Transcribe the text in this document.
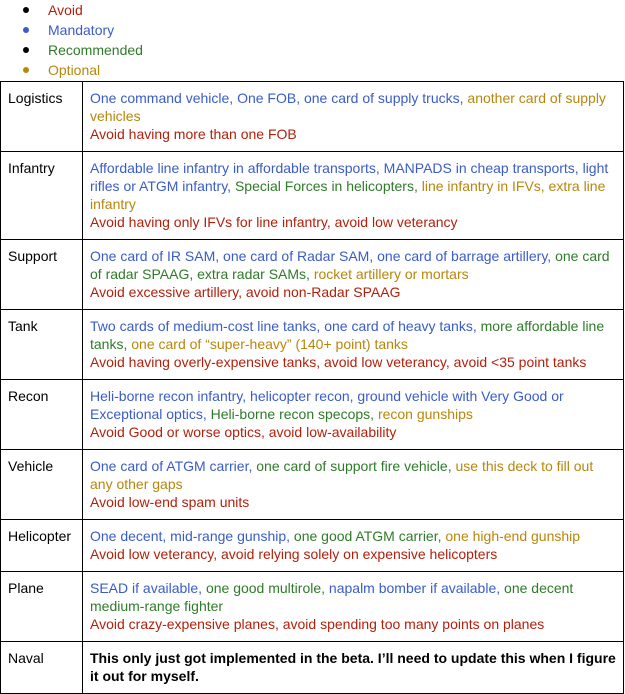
Avoid
Mandatory
Recommended
Optional
Logistics	One command vehicle, One FOB, one card of supply trucks, another card of supply vehicles
Avoid having more than one FOB

Infantry	Affordable line infantry in affordable transports, MANPADS in cheap transports, light rifles or ATGM infantry, Special Forces in helicopters, line infantry in IFVs, extra line infantry
Avoid having only IFVs for line infantry, avoid low veterancy

Support	One card of IR SAM, one card of Radar SAM, one card of barrage artillery, one card of radar SPAAG, extra radar SAMs, rocket artillery or mortars
Avoid excessive artillery, avoid non-Radar SPAAG

Tank	Two cards of medium-cost line tanks, one card of heavy tanks, more affordable line tanks, one card of “super-heavy” (140+ point) tanks
Avoid having overly-expensive tanks, avoid low veterancy, avoid <35 point tanks

Recon	Heli-borne recon infantry, helicopter recon, ground vehicle with Very Good or Exceptional optics, Heli-borne recon specops, recon gunships
Avoid Good or worse optics, avoid low-availability

Vehicle	One card of ATGM carrier, one card of support fire vehicle, use this deck to fill out any other gaps
Avoid low-end spam units

Helicopter	One decent, mid-range gunship, one good ATGM carrier, one high-end gunship
Avoid low veterancy, avoid relying solely on expensive helicopters

Plane	SEAD if available, one good multirole, napalm bomber if available, one decent medium-range fighter
Avoid crazy-expensive planes, avoid spending too many points on planes

Naval	This only just got implemented in the beta. I’ll need to update this when I figure it out for myself.
